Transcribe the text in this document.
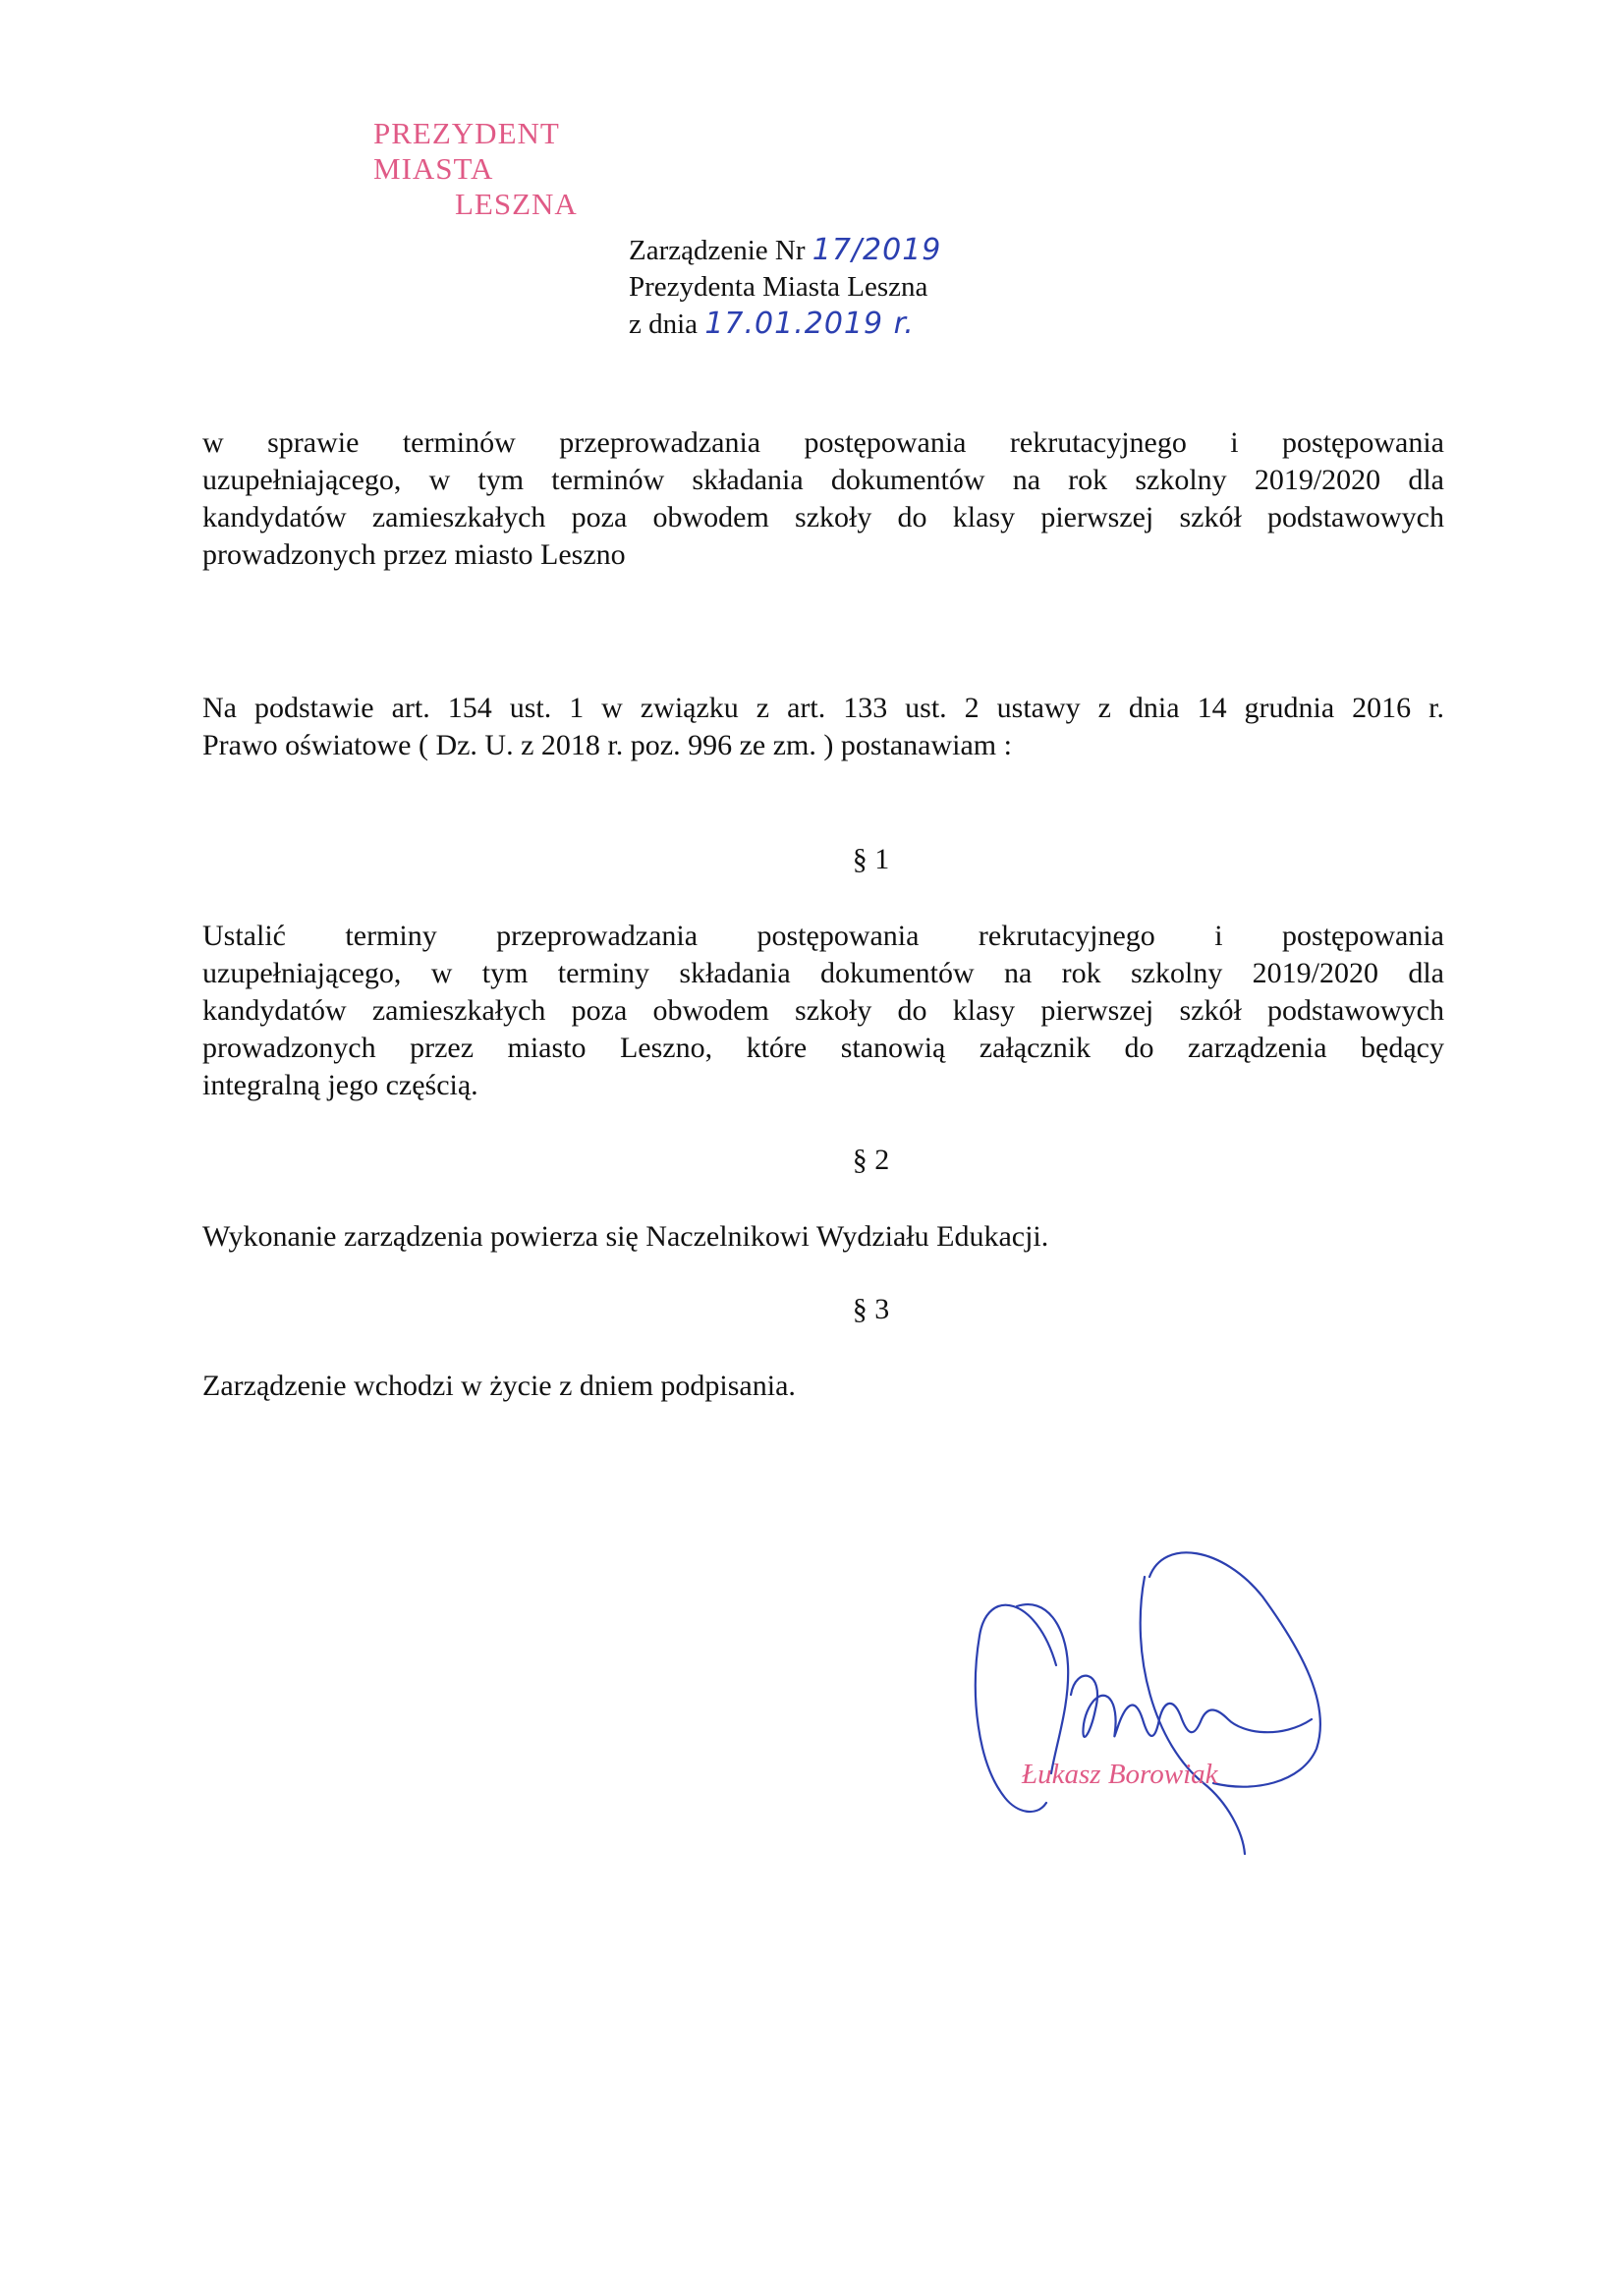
PREZYDENT MIASTA
LESZNA
Zarządzenie Nr 17/2019
Prezydenta Miasta Leszna
z dnia 17.01.2019 r.
w sprawie terminów przeprowadzania postępowania rekrutacyjnego i postępowania
uzupełniającego, w tym terminów składania dokumentów na rok szkolny 2019/2020 dla
kandydatów zamieszkałych poza obwodem szkoły do klasy pierwszej szkół podstawowych
prowadzonych przez miasto Leszno
Na podstawie art. 154 ust. 1 w związku z art. 133 ust. 2 ustawy z dnia 14 grudnia 2016 r.
Prawo oświatowe ( Dz. U. z 2018 r. poz. 996 ze zm. ) postanawiam :
§ 1
Ustalić terminy przeprowadzania postępowania rekrutacyjnego i postępowania
uzupełniającego, w tym terminy składania dokumentów na rok szkolny 2019/2020 dla
kandydatów zamieszkałych poza obwodem szkoły do klasy pierwszej szkół podstawowych
prowadzonych przez miasto Leszno, które stanowią załącznik do zarządzenia będący
integralną jego częścią.
§ 2
Wykonanie zarządzenia powierza się Naczelnikowi Wydziału Edukacji.
§ 3
Zarządzenie wchodzi w życie z dniem podpisania.
Łukasz Borowiak
